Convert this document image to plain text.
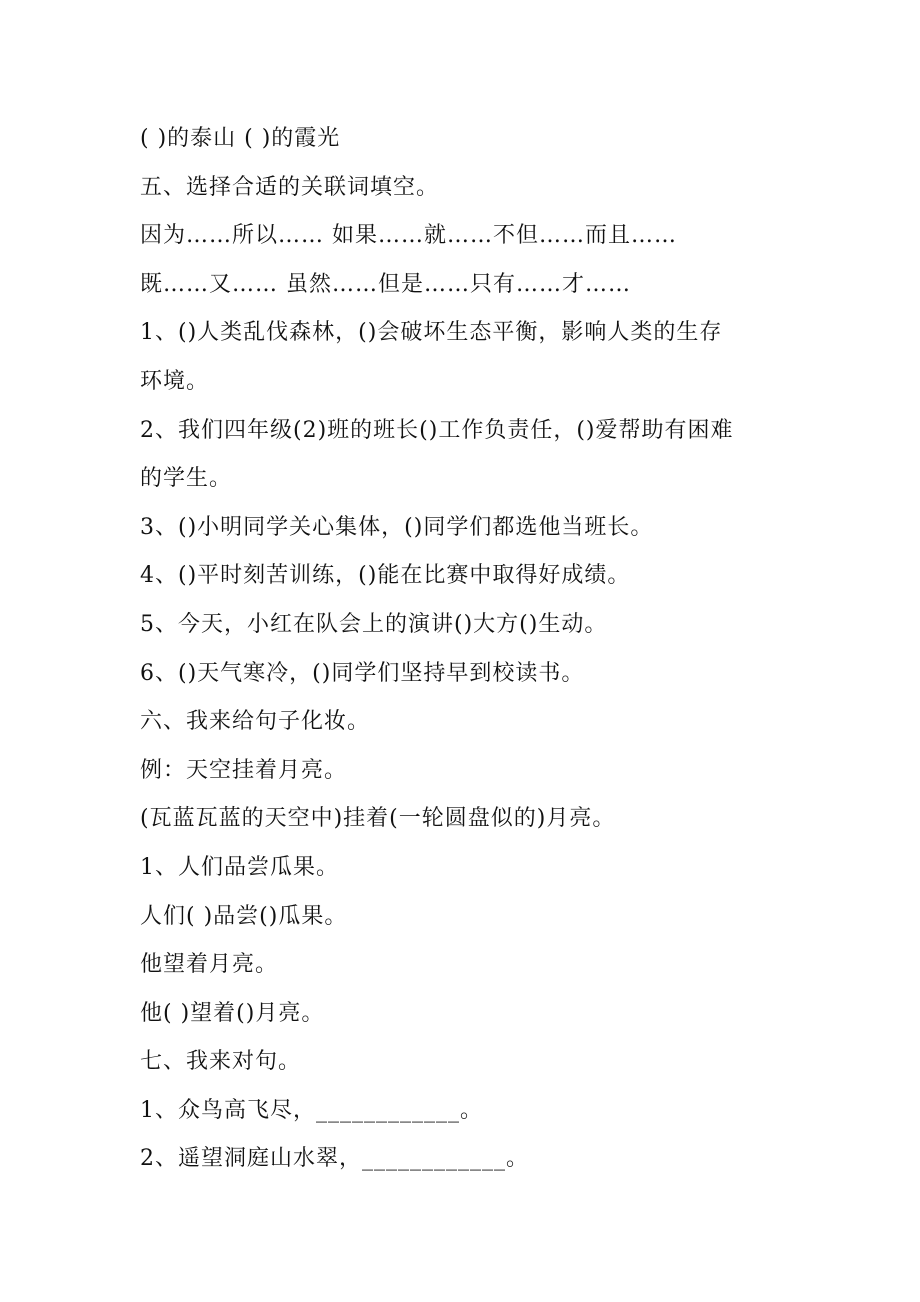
( )的泰山 ( )的霞光
五、选择合适的关联词填空。
因为……所以…… 如果……就……不但……而且……
既……又…… 虽然……但是……只有……才……
1、()人类乱伐森林，()会破坏生态平衡，影响人类的生存
环境。
2、我们四年级(2)班的班长()工作负责任，()爱帮助有困难
的学生。
3、()小明同学关心集体，()同学们都选他当班长。
4、()平时刻苦训练，()能在比赛中取得好成绩。
5、今天，小红在队会上的演讲()大方()生动。
6、()天气寒冷，()同学们坚持早到校读书。
六、我来给句子化妆。
例：天空挂着月亮。
(瓦蓝瓦蓝的天空中)挂着(一轮圆盘似的)月亮。
1、人们品尝瓜果。
人们( )品尝()瓜果。
他望着月亮。
他( )望着()月亮。
七、我来对句。
1、众鸟高飞尽，____________。
2、遥望洞庭山水翠，____________。
